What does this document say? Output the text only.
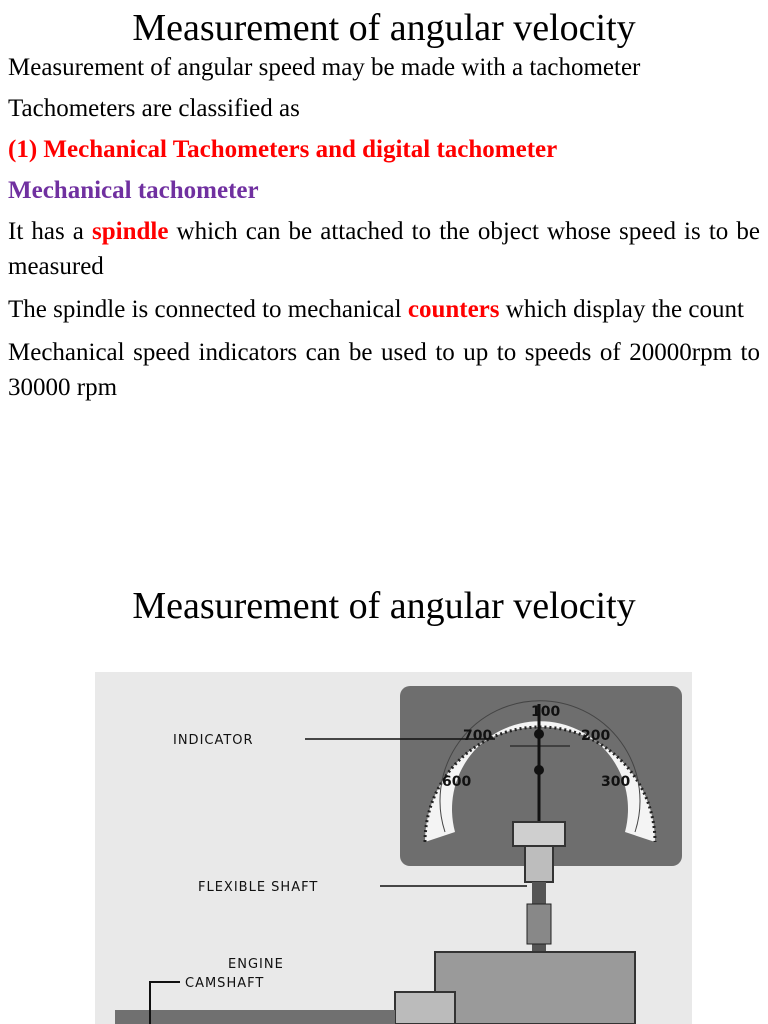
Measurement of angular velocity

Measurement of angular speed may be made with a tachometer

Tachometers are classified as

(1) Mechanical Tachometers and digital tachometer

Mechanical tachometer

It has a spindle which can be attached to the object whose speed is to be measured

The spindle is connected to mechanical counters which display the count

Mechanical speed indicators can be used to up to speeds of 20000rpm to 30000 rpm

Measurement of angular velocity
100
700	200
600	300
INDICATOR
FLEXIBLE SHAFT
ENGINE
CAMSHAFT
